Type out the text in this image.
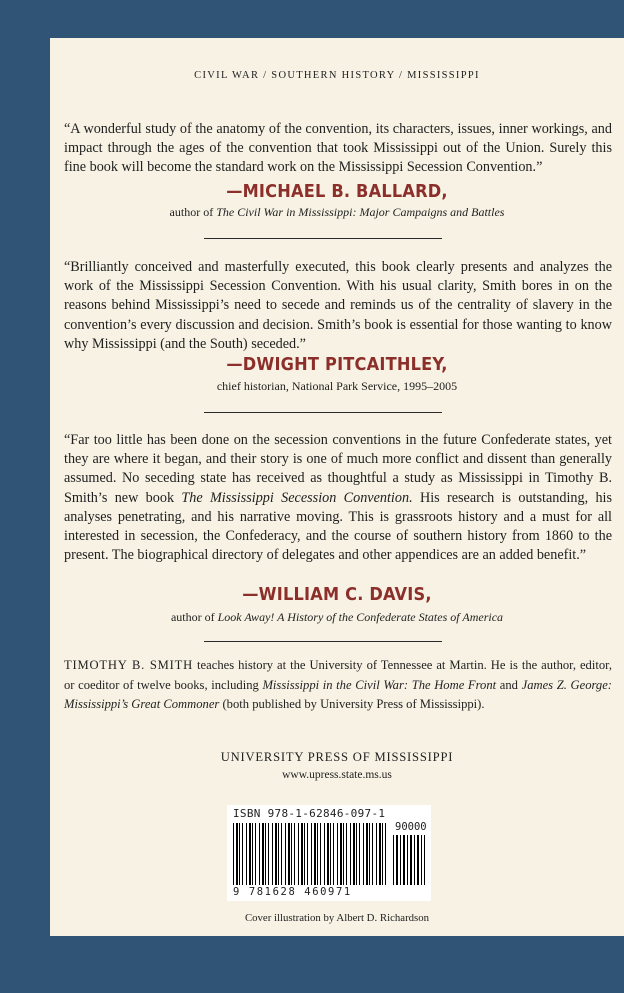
CIVIL WAR / SOUTHERN HISTORY / MISSISSIPPI
“A wonderful study of the anatomy of the convention, its characters, issues, inner workings, and impact through the ages of the convention that took Mississippi out of the Union. Surely this fine book will become the standard work on the Mississippi Secession Convention.”
—MICHAEL B. BALLARD,
author of The Civil War in Mississippi: Major Campaigns and Battles
“Brilliantly conceived and masterfully executed, this book clearly presents and analyzes the work of the Mississippi Secession Convention. With his usual clarity, Smith bores in on the reasons behind Mississippi’s need to secede and reminds us of the centrality of slavery in the convention’s every discussion and decision. Smith’s book is essential for those wanting to know why Mississippi (and the South) seceded.”
—DWIGHT PITCAITHLEY,
chief historian, National Park Service, 1995–2005
“Far too little has been done on the secession conventions in the future Confederate states, yet they are where it began, and their story is one of much more conflict and dissent than generally assumed. No seceding state has received as thoughtful a study as Mississippi in Timothy B. Smith’s new book The Mississippi Secession Convention. His research is outstanding, his analyses penetrating, and his narrative moving. This is grassroots history and a must for all interested in secession, the Confederacy, and the course of southern history from 1860 to the present. The biographical directory of delegates and other appendices are an added benefit.”
—WILLIAM C. DAVIS,
author of Look Away! A History of the Confederate States of America
TIMOTHY B. SMITH teaches history at the University of Tennessee at Martin. He is the author, editor, or coeditor of twelve books, including Mississippi in the Civil War: The Home Front and James Z. George: Mississippi’s Great Commoner (both published by University Press of Mississippi).
UNIVERSITY PRESS OF MISSISSIPPI
www.upress.state.ms.us
ISBN 978-1-62846-097-1
90000
9 781628 460971
Cover illustration by Albert D. Richardson
